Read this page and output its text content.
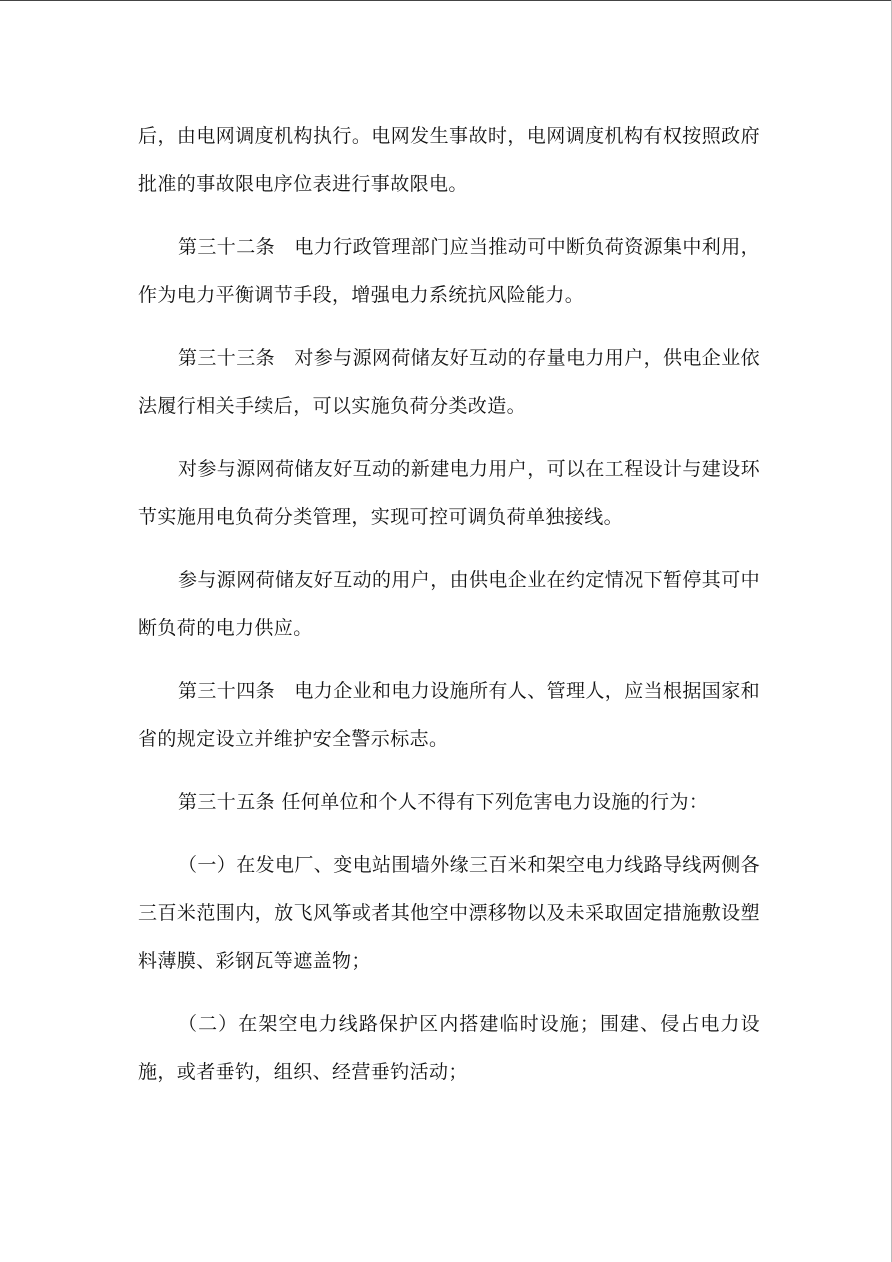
后，由电网调度机构执行。电网发生事故时，电网调度机构有权按照政府批准的事故限电序位表进行事故限电。

第三十二条　电力行政管理部门应当推动可中断负荷资源集中利用，作为电力平衡调节手段，增强电力系统抗风险能力。

第三十三条　对参与源网荷储友好互动的存量电力用户，供电企业依法履行相关手续后，可以实施负荷分类改造。

对参与源网荷储友好互动的新建电力用户，可以在工程设计与建设环节实施用电负荷分类管理，实现可控可调负荷单独接线。

参与源网荷储友好互动的用户，由供电企业在约定情况下暂停其可中断负荷的电力供应。

第三十四条　电力企业和电力设施所有人、管理人，应当根据国家和省的规定设立并维护安全警示标志。

第三十五条 任何单位和个人不得有下列危害电力设施的行为：

（一）在发电厂、变电站围墙外缘三百米和架空电力线路导线两侧各三百米范围内，放飞风筝或者其他空中漂移物以及未采取固定措施敷设塑料薄膜、彩钢瓦等遮盖物；

（二）在架空电力线路保护区内搭建临时设施；围建、侵占电力设施，或者垂钓，组织、经营垂钓活动；
